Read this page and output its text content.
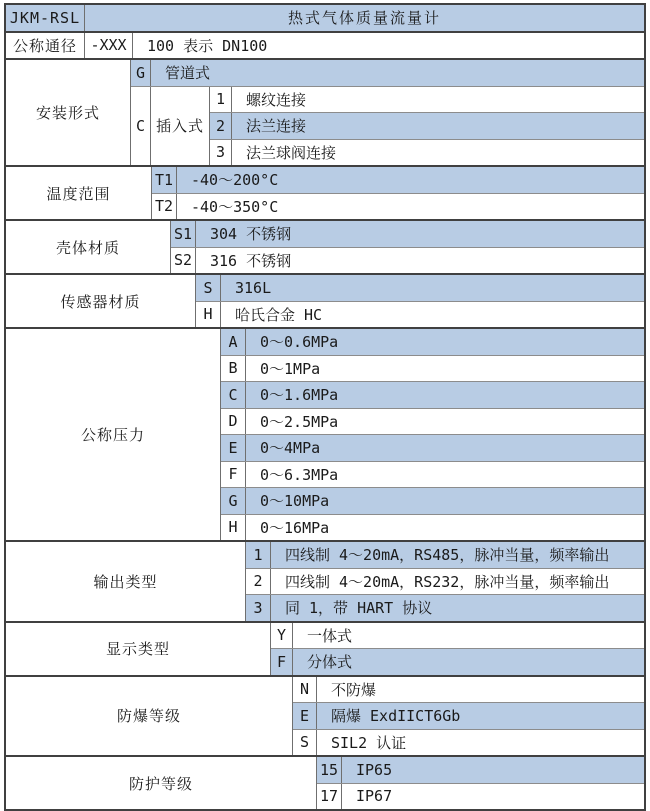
JKM-RSL	热式气体质量流量计
公称通径 -XXX	100 表示 DN100
安装形式
G	管道式
C 插入式
1	螺纹连接
2	法兰连接
3	法兰球阀连接
温度范围
T1	-40～200°C
T2	-40～350°C
壳体材质
S1	304 不锈钢
S2	316 不锈钢
传感器材质
S	316L
H	哈氏合金 HC
公称压力
A	0～0.6MPa
B	0～1MPa
C	0～1.6MPa
D	0～2.5MPa
E	0～4MPa
F	0～6.3MPa
G	0～10MPa
H	0～16MPa
输出类型
1	四线制 4～20mA，RS485，脉冲当量，频率输出
2	四线制 4～20mA，RS232，脉冲当量，频率输出
3	同 1，带 HART 协议
显示类型
Y	一体式
F	分体式
防爆等级
N	不防爆
E	隔爆 ExdIICT6Gb
S	SIL2 认证
防护等级
15	IP65
17	IP67
